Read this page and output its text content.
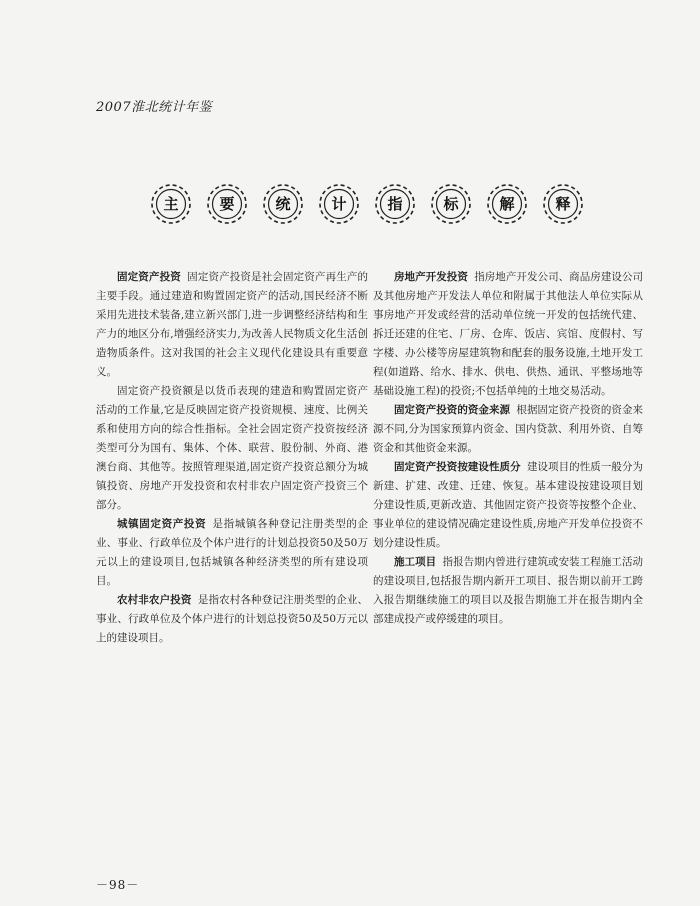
2007淮北统计年鉴
主	要	统	计	指	标	解	释

固定资产投资 固定资产投资是社会固定资产再生产的主要手段。通过建造和购置固定资产的活动,国民经济不断采用先进技术装备,建立新兴部门,进一步调整经济结构和生产力的地区分布,增强经济实力,为改善人民物质文化生活创造物质条件。这对我国的社会主义现代化建设具有重要意义。

固定资产投资额是以货币表现的建造和购置固定资产活动的工作量,它是反映固定资产投资规模、速度、比例关系和使用方向的综合性指标。全社会固定资产投资按经济类型可分为国有、集体、个体、联营、股份制、外商、港澳台商、其他等。按照管理渠道,固定资产投资总额分为城镇投资、房地产开发投资和农村非农户固定资产投资三个部分。

城镇固定资产投资 是指城镇各种登记注册类型的企业、事业、行政单位及个体户进行的计划总投资50及50万元以上的建设项目,包括城镇各种经济类型的所有建设项目。

农村非农户投资 是指农村各种登记注册类型的企业、事业、行政单位及个体户进行的计划总投资50及50万元以上的建设项目。

房地产开发投资 指房地产开发公司、商品房建设公司及其他房地产开发法人单位和附属于其他法人单位实际从事房地产开发或经营的活动单位统一开发的包括统代建、拆迁还建的住宅、厂房、仓库、饭店、宾馆、度假村、写字楼、办公楼等房屋建筑物和配套的服务设施,土地开发工程(如道路、给水、排水、供电、供热、通讯、平整场地等基础设施工程)的投资;不包括单纯的土地交易活动。

固定资产投资的资金来源 根据固定资产投资的资金来源不同,分为国家预算内资金、国内贷款、利用外资、自筹资金和其他资金来源。

固定资产投资按建设性质分 建设项目的性质一般分为新建、扩建、改建、迁建、恢复。基本建设按建设项目划分建设性质,更新改造、其他固定资产投资等按整个企业、事业单位的建设情况确定建设性质,房地产开发单位投资不划分建设性质。

施工项目 指报告期内曾进行建筑或安装工程施工活动的建设项目,包括报告期内新开工项目、报告期以前开工跨入报告期继续施工的项目以及报告期施工并在报告期内全部建成投产或停缓建的项目。

－98－
